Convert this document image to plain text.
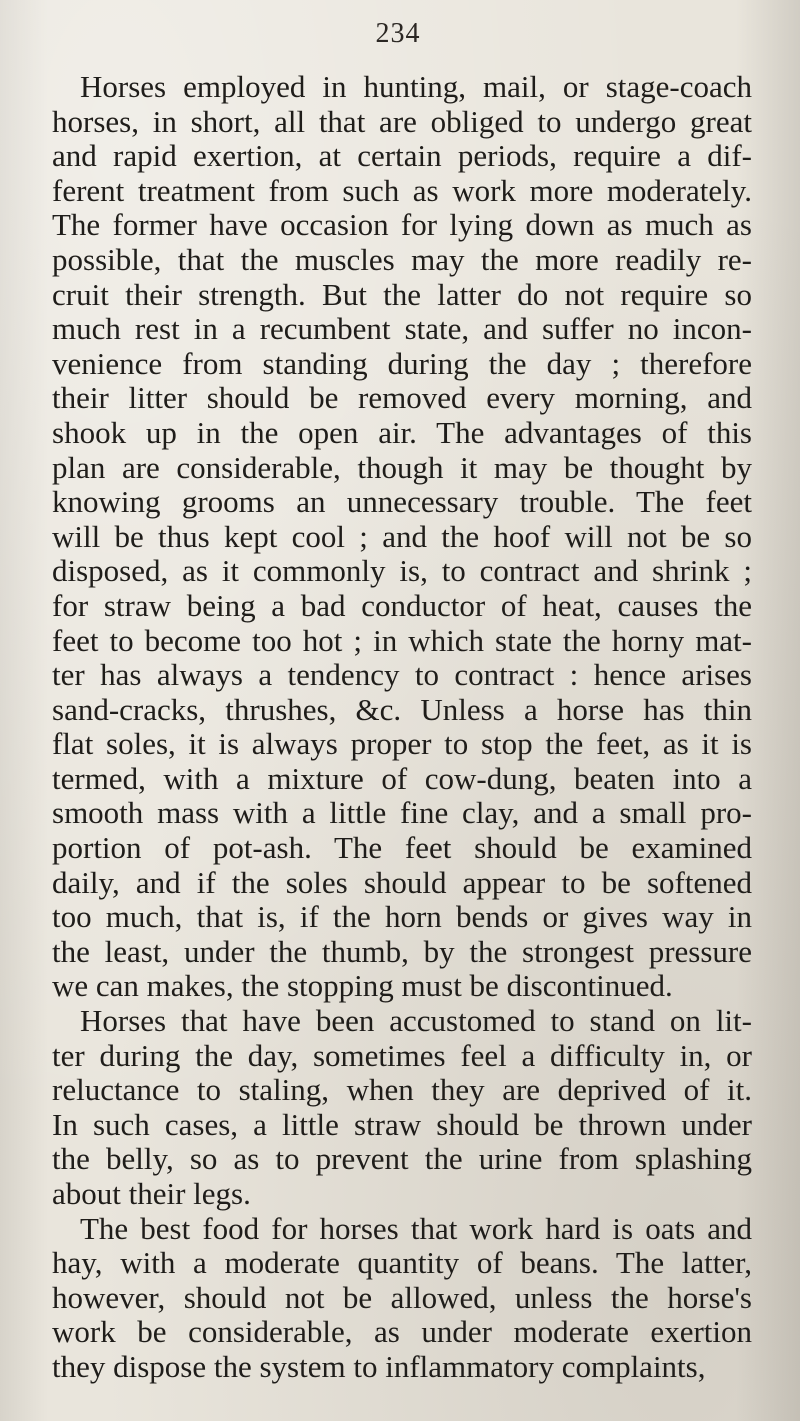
234
Horses employed in hunting, mail, or stage-coach
horses, in short, all that are obliged to undergo great
and rapid exertion, at certain periods, require a dif-
ferent treatment from such as work more moderately.
The former have occasion for lying down as much as
possible, that the muscles may the more readily re-
cruit their strength. But the latter do not require so
much rest in a recumbent state, and suffer no incon-
venience from standing during the day ; therefore
their litter should be removed every morning, and
shook up in the open air. The advantages of this
plan are considerable, though it may be thought by
knowing grooms an unnecessary trouble. The feet
will be thus kept cool ; and the hoof will not be so
disposed, as it commonly is, to contract and shrink ;
for straw being a bad conductor of heat, causes the
feet to become too hot ; in which state the horny mat-
ter has always a tendency to contract : hence arises
sand-cracks, thrushes, &c. Unless a horse has thin
flat soles, it is always proper to stop the feet, as it is
termed, with a mixture of cow-dung, beaten into a
smooth mass with a little fine clay, and a small pro-
portion of pot-ash. The feet should be examined
daily, and if the soles should appear to be softened
too much, that is, if the horn bends or gives way in
the least, under the thumb, by the strongest pressure
we can makes, the stopping must be discontinued.
Horses that have been accustomed to stand on lit-
ter during the day, sometimes feel a difficulty in, or
reluctance to staling, when they are deprived of it.
In such cases, a little straw should be thrown under
the belly, so as to prevent the urine from splashing
about their legs.
The best food for horses that work hard is oats and
hay, with a moderate quantity of beans. The latter,
however, should not be allowed, unless the horse's
work be considerable, as under moderate exertion
they dispose the system to inflammatory complaints,
